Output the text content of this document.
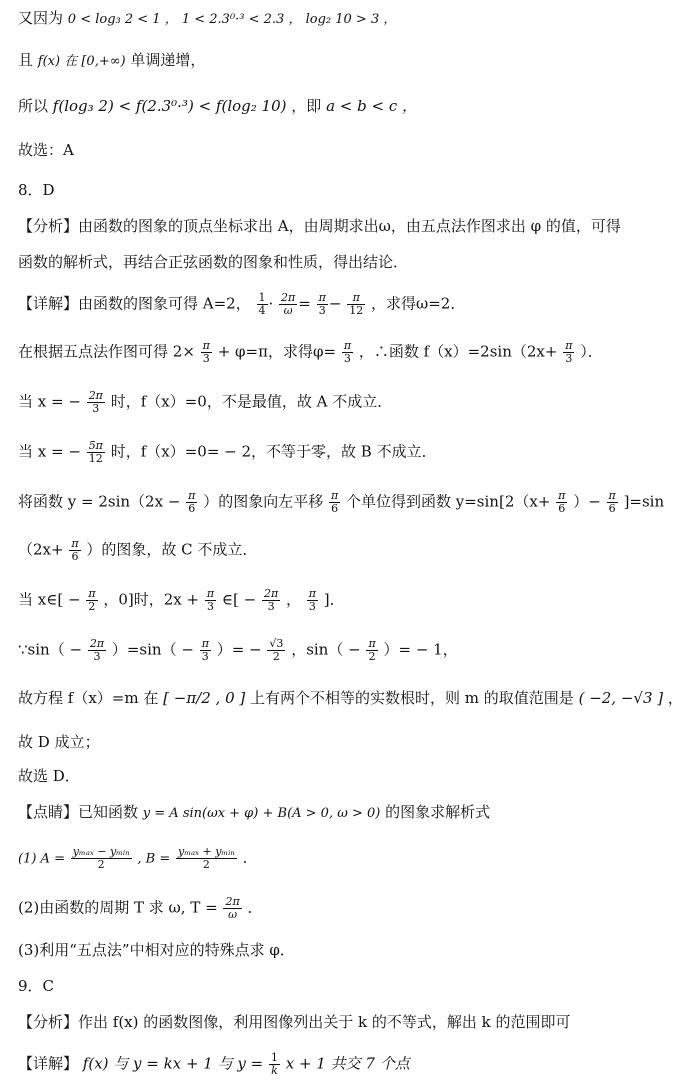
又因为 0 < log₃ 2 < 1 ， 1 < 2.3⁰·³ < 2.3 ， log₂ 10 > 3 ，
且 f(x) 在 [0,+∞) 单调递增，
所以 f(log₃ 2) < f(2.3⁰·³) < f(log₂ 10) ，即 a < b < c ，
故选：A
8．D
【分析】由函数的图象的顶点坐标求出 A，由周期求出ω，由五点法作图求出 φ 的值，可得
函数的解析式，再结合正弦函数的图象和性质，得出结论．
【详解】由函数的图象可得 A=2， $\frac{1}{4} \cdot \frac{2\pi}{\omega} = \frac{\pi}{3} - \frac{\pi}{12}$ ，求得ω=2．
在根据五点法作图可得 $2\times \frac{\pi}{3} + \varphi=\pi$，求得$\varphi= \frac{\pi}{3}$ ，∴函数 $f(x)=2\sin(2x+ \frac{\pi}{3}$ ）．
当 x = − $\frac{2\pi}{3}$ 时，f（x）=0，不是最值，故 A 不成立．
当 x = − $\frac{5\pi}{12}$ 时，f（x）=0= − 2，不等于零，故 B 不成立．
将函数 $y = 2\sin(2x - \frac{\pi}{6}$ ）的图象向左平移 $\frac{\pi}{6}$ 个单位得到函数 $y=\sin[2(x+ \frac{\pi}{6}$ ）− $\frac{\pi}{6} ]=\sin$
（$2x+ \frac{\pi}{6}$ ）的图象，故 C 不成立．
当 x∈[ − $\frac{\pi}{2}$ ，0]时，$2x + \frac{\pi}{3}$ ∈[ − $\frac{2\pi}{3}$ ， $\frac{\pi}{3}$ ]．
∵sin（ − $\frac{2\pi}{3} )=\sin( - \frac{\pi}{3}$ ）= − $\frac{√3}{2}$ ，$\sin( - \frac{\pi}{2}$ ）= − 1，
故方程 f（x）=m 在 [ −π/2 , 0 ] 上有两个不相等的实数根时，则 m 的取值范围是 ( −2, −√3 ] ，
故 D 成立；
故选 D．
【点睛】已知函数 y = A sin(ωx + φ) + B(A > 0, ω > 0) 的图象求解析式
(1) $A = \frac{\text{yₘₐₓ − yₘᵢₙ}}{2}$ , $B = \frac{\text{yₘₐₓ + yₘᵢₙ}}{2}$ ．
(2)由函数的周期 T 求 ω, $T = \frac{2\pi}{\omega}$ ．
(3)利用“五点法”中相对应的特殊点求 φ．
9．C
【分析】作出 f(x) 的函数图像，利用图像列出关于 k 的不等式，解出 k 的范围即可
【详解】 f(x) 与 y = kx + 1 与 $y = \frac{1}{k}$ x + 1 共交 7 个点
